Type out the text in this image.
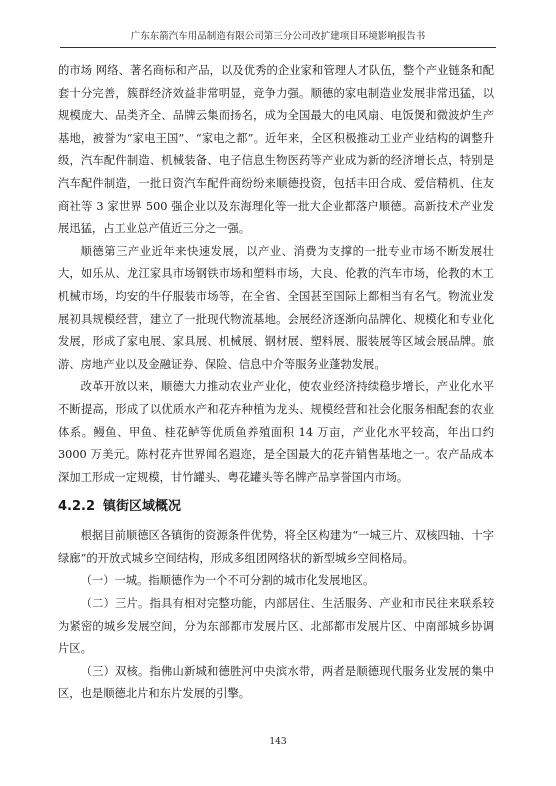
广东东箭汽车用品制造有限公司第三分公司改扩建项目环境影响报告书

的市场 网络、著名商标和产品，以及优秀的企业家和管理人才队伍，整个产业链条和配套十分完善，簇群经济效益非常明显，竞争力强。顺德的家电制造业发展非常迅猛，以规模庞大、品类齐全、品牌云集而扬名，成为全国最大的电风扇、电饭煲和微波炉生产基地，被誉为“家电王国”、“家电之都”。近年来，全区积极推动工业产业结构的调整升级，汽车配件制造、机械装备、电子信息生物医药等产业成为新的经济增长点，特别是汽车配件制造，一批日资汽车配件商纷纷来顺德投资，包括丰田合成、爱信精机、住友商社等 3 家世界 500 强企业以及东海理化等一批大企业都落户顺德。高新技术产业发展迅猛，占工业总产值近三分之一强。

顺德第三产业近年来快速发展，以产业、消费为支撑的一批专业市场不断发展壮大，如乐从、龙江家具市场钢铁市场和塑料市场，大良、伦教的汽车市场，伦教的木工机械市场，均安的牛仔服装市场等，在全省、全国甚至国际上都相当有名气。物流业发展初具规模经营，建立了一批现代物流基地。会展经济逐渐向品牌化、规模化和专业化发展，形成了家电展、家具展、机械展、钢材展、塑料展、服装展等区域会展品牌。旅游、房地产业以及金融证券、保险、信息中介等服务业蓬勃发展。

改革开放以来，顺德大力推动农业产业化，使农业经济持续稳步增长，产业化水平不断提高，形成了以优质水产和花卉种植为龙头、规模经营和社会化服务相配套的农业体系。鳗鱼、甲鱼、桂花鲈等优质鱼养殖面积 14 万亩，产业化水平较高，年出口约 3000 万美元。陈村花卉世界闻名遐迩，是全国最大的花卉销售基地之一。农产品成本深加工形成一定规模，甘竹罐头、粤花罐头等名牌产品享誉国内市场。

4.2.2 镇街区域概况

根据目前顺德区各镇街的资源条件优势，将全区构建为“一城三片、双核四轴、十字绿廊”的开放式城乡空间结构，形成多组团网络状的新型城乡空间格局。

（一）一城。指顺德作为一个不可分割的城市化发展地区。

（二）三片。指具有相对完整功能，内部居住、生活服务、产业和市民往来联系较为紧密的城乡发展空间，分为东部都市发展片区、北部都市发展片区、中南部城乡协调片区。

（三）双核。指佛山新城和德胜河中央滨水带，两者是顺德现代服务业发展的集中区，也是顺德北片和东片发展的引擎。

143
